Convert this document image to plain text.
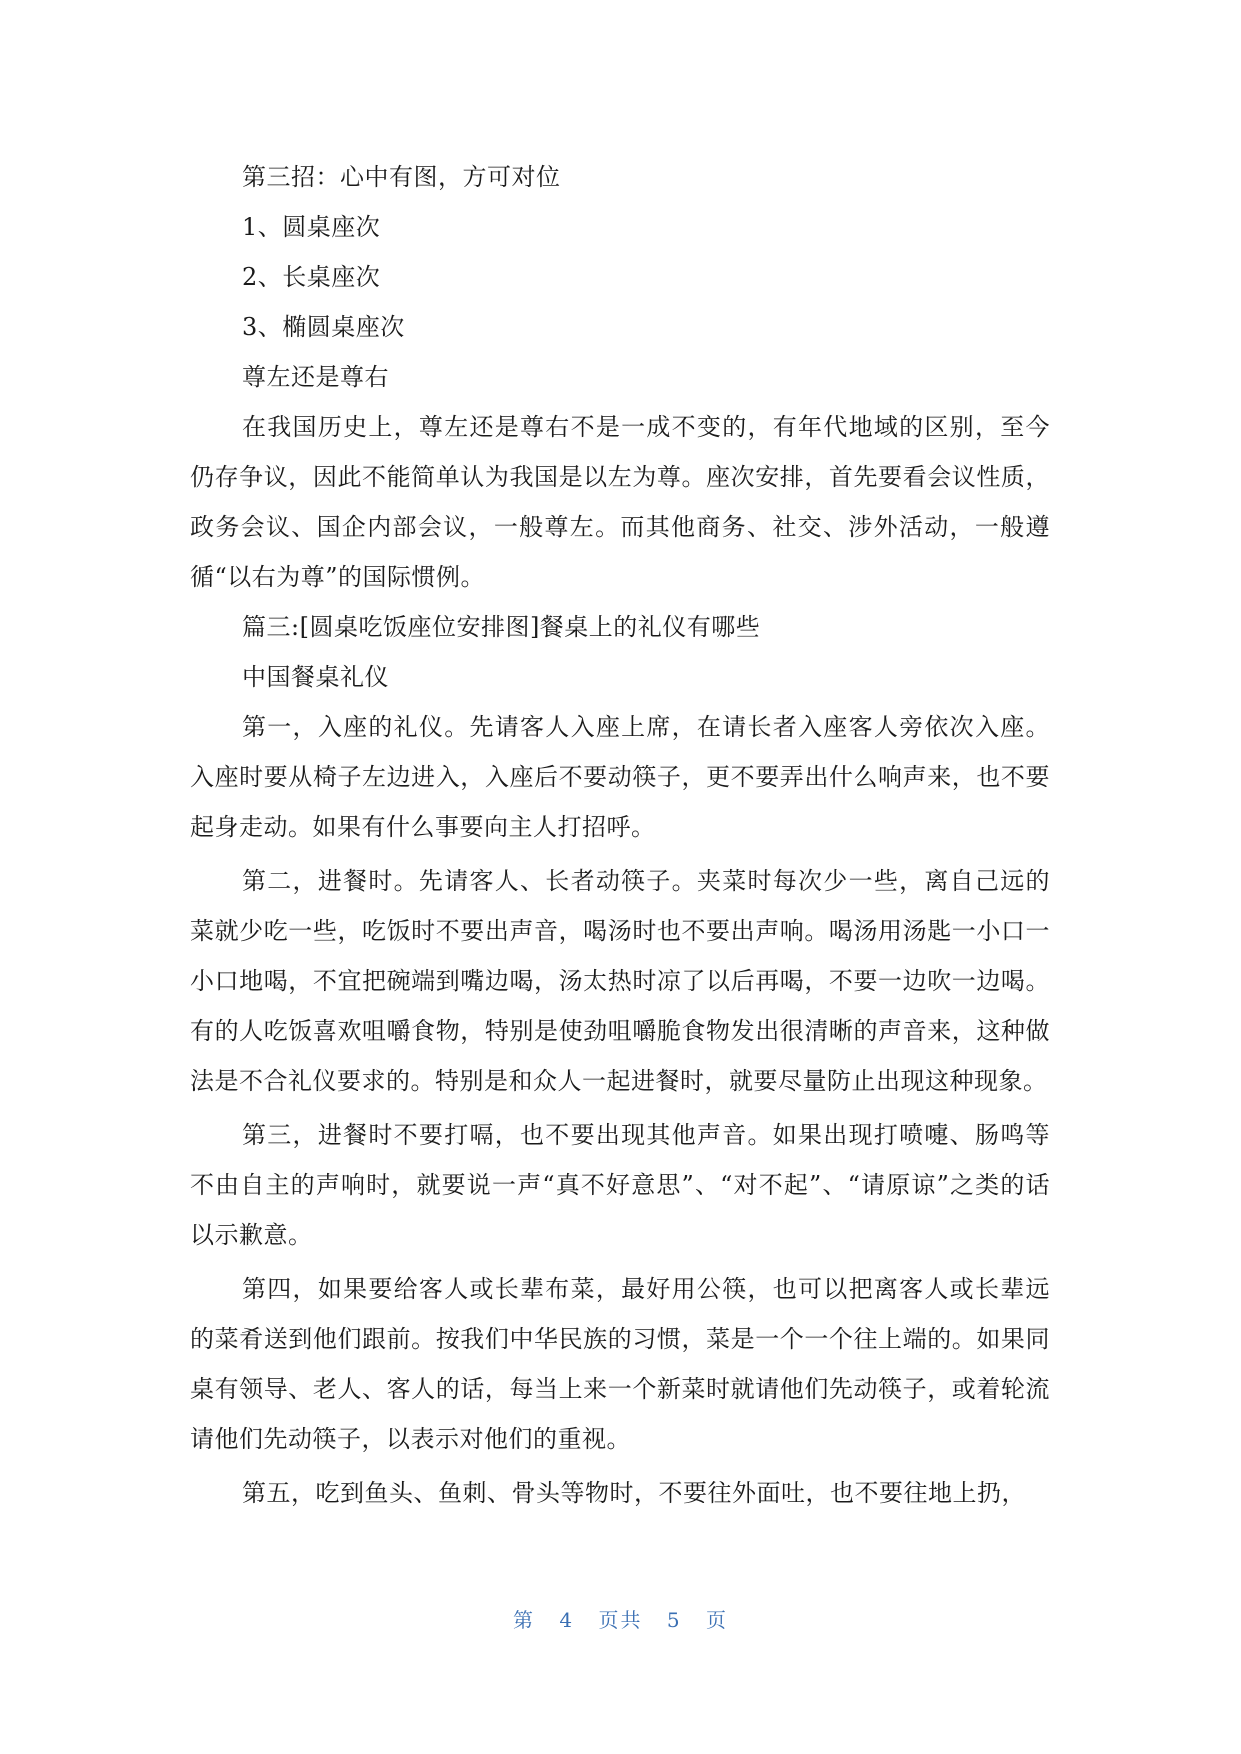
第三招：心中有图，方可对位

1、圆桌座次

2、长桌座次

3、椭圆桌座次

尊左还是尊右

在我国历史上，尊左还是尊右不是一成不变的，有年代地域的区别，至今仍存争议，因此不能简单认为我国是以左为尊。座次安排，首先要看会议性质，政务会议、国企内部会议，一般尊左。而其他商务、社交、涉外活动，一般遵循“以右为尊”的国际惯例。

篇三:[圆桌吃饭座位安排图]餐桌上的礼仪有哪些

中国餐桌礼仪

第一，入座的礼仪。先请客人入座上席，在请长者入座客人旁依次入座。入座时要从椅子左边进入，入座后不要动筷子，更不要弄出什么响声来，也不要起身走动。如果有什么事要向主人打招呼。

第二，进餐时。先请客人、长者动筷子。夹菜时每次少一些，离自己远的菜就少吃一些，吃饭时不要出声音，喝汤时也不要出声响。喝汤用汤匙一小口一小口地喝，不宜把碗端到嘴边喝，汤太热时凉了以后再喝，不要一边吹一边喝。有的人吃饭喜欢咀嚼食物，特别是使劲咀嚼脆食物发出很清晰的声音来，这种做法是不合礼仪要求的。特别是和众人一起进餐时，就要尽量防止出现这种现象。

第三，进餐时不要打嗝，也不要出现其他声音。如果出现打喷嚏、肠鸣等不由自主的声响时，就要说一声“真不好意思”、“对不起”、“请原谅”之类的话以示歉意。

第四，如果要给客人或长辈布菜，最好用公筷，也可以把离客人或长辈远的菜肴送到他们跟前。按我们中华民族的习惯，菜是一个一个往上端的。如果同桌有领导、老人、客人的话，每当上来一个新菜时就请他们先动筷子，或着轮流请他们先动筷子，以表示对他们的重视。

第五，吃到鱼头、鱼刺、骨头等物时，不要往外面吐，也不要往地上扔，

第 4 页共 5 页
